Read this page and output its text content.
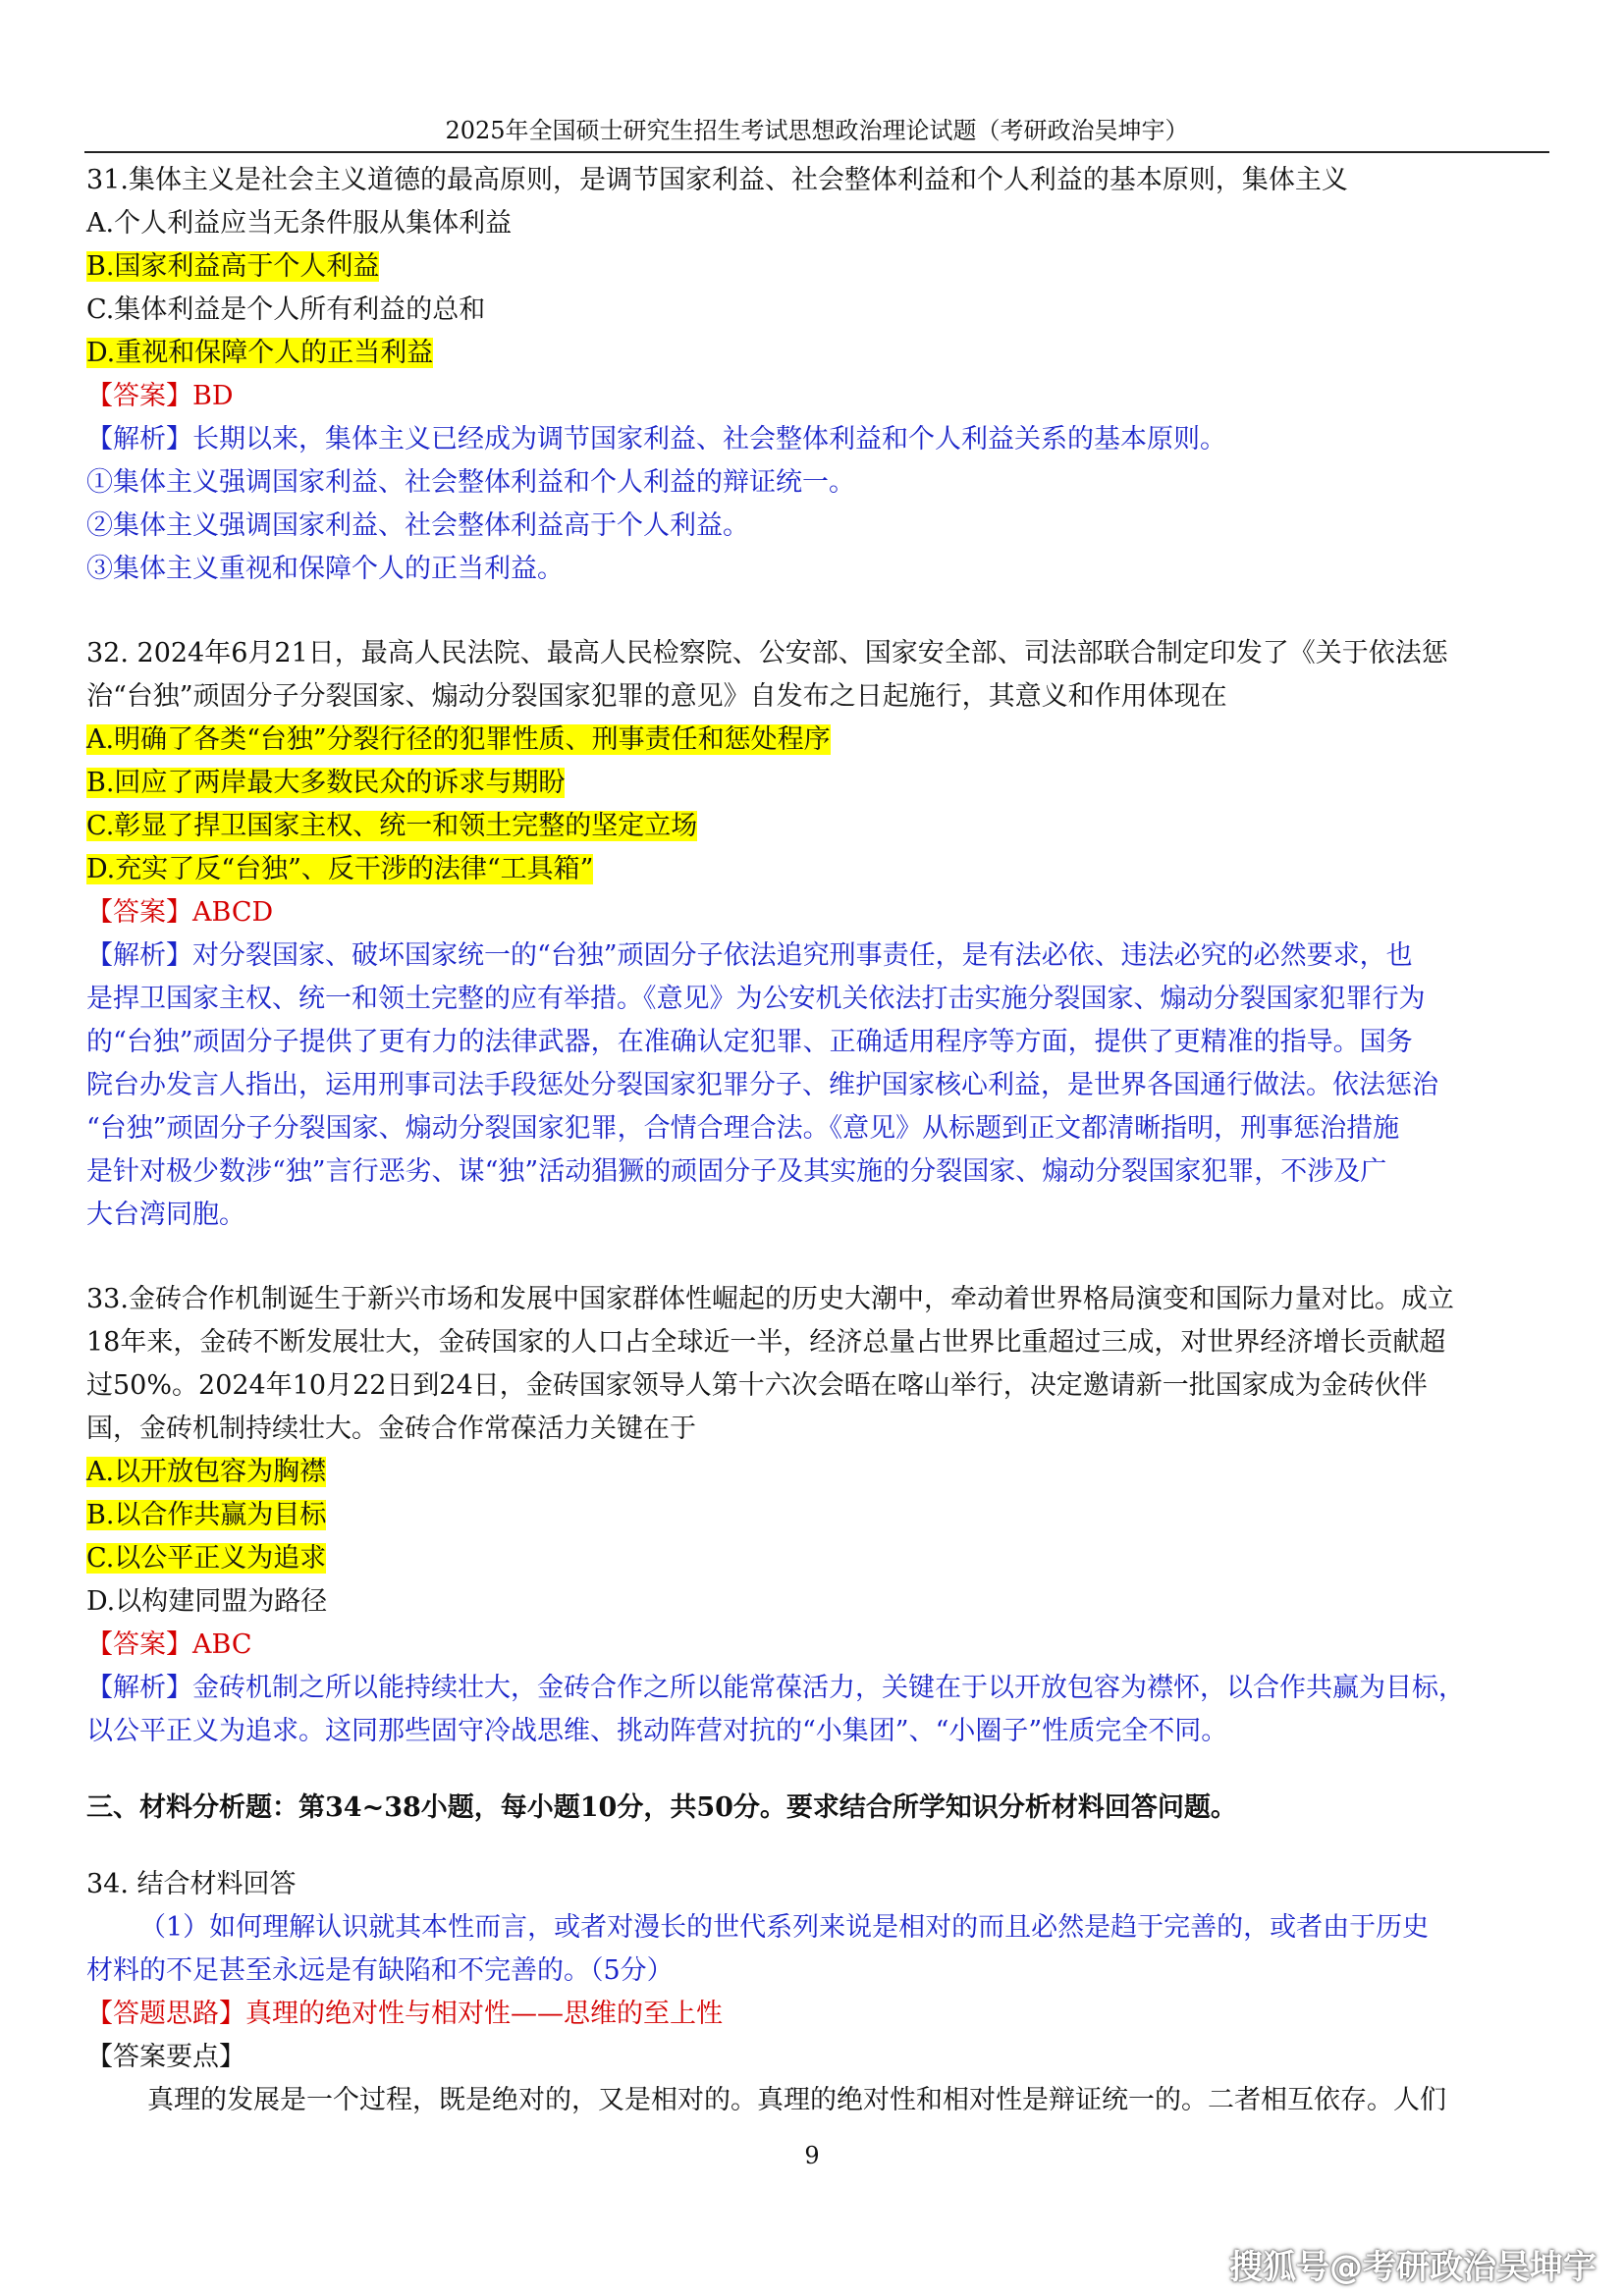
2025年全国硕士研究生招生考试思想政治理论试题（考研政治吴坤宇）
31.集体主义是社会主义道德的最高原则，是调节国家利益、社会整体利益和个人利益的基本原则，集体主义
A.个人利益应当无条件服从集体利益
B.国家利益高于个人利益
C.集体利益是个人所有利益的总和
D.重视和保障个人的正当利益
【答案】BD
【解析】长期以来，集体主义已经成为调节国家利益、社会整体利益和个人利益关系的基本原则。
①集体主义强调国家利益、社会整体利益和个人利益的辩证统一。
②集体主义强调国家利益、社会整体利益高于个人利益。
③集体主义重视和保障个人的正当利益。
32. 2024年6月21日，最高人民法院、最高人民检察院、公安部、国家安全部、司法部联合制定印发了《关于依法惩
治“台独”顽固分子分裂国家、煽动分裂国家犯罪的意见》自发布之日起施行，其意义和作用体现在
A.明确了各类“台独”分裂行径的犯罪性质、刑事责任和惩处程序
B.回应了两岸最大多数民众的诉求与期盼
C.彰显了捍卫国家主权、统一和领土完整的坚定立场
D.充实了反“台独”、反干涉的法律“工具箱”
【答案】ABCD
【解析】对分裂国家、破坏国家统一的“台独”顽固分子依法追究刑事责任，是有法必依、违法必究的必然要求，也
是捍卫国家主权、统一和领土完整的应有举措。《意见》为公安机关依法打击实施分裂国家、煽动分裂国家犯罪行为
的“台独”顽固分子提供了更有力的法律武器，在准确认定犯罪、正确适用程序等方面，提供了更精准的指导。国务
院台办发言人指出，运用刑事司法手段惩处分裂国家犯罪分子、维护国家核心利益，是世界各国通行做法。依法惩治
“台独”顽固分子分裂国家、煽动分裂国家犯罪，合情合理合法。《意见》从标题到正文都清晰指明，刑事惩治措施
是针对极少数涉“独”言行恶劣、谋“独”活动猖獗的顽固分子及其实施的分裂国家、煽动分裂国家犯罪，不涉及广
大台湾同胞。
33.金砖合作机制诞生于新兴市场和发展中国家群体性崛起的历史大潮中，牵动着世界格局演变和国际力量对比。成立
18年来，金砖不断发展壮大，金砖国家的人口占全球近一半，经济总量占世界比重超过三成，对世界经济增长贡献超
过50%。2024年10月22日到24日，金砖国家领导人第十六次会晤在喀山举行，决定邀请新一批国家成为金砖伙伴
国，金砖机制持续壮大。金砖合作常葆活力关键在于
A.以开放包容为胸襟
B.以合作共赢为目标
C.以公平正义为追求
D.以构建同盟为路径
【答案】ABC
【解析】金砖机制之所以能持续壮大，金砖合作之所以能常葆活力，关键在于以开放包容为襟怀，以合作共赢为目标，
以公平正义为追求。这同那些固守冷战思维、挑动阵营对抗的“小集团”、“小圈子”性质完全不同。
三、材料分析题：第34~38小题，每小题10分，共50分。要求结合所学知识分析材料回答问题。
34. 结合材料回答
（1）如何理解认识就其本性而言，或者对漫长的世代系列来说是相对的而且必然是趋于完善的，或者由于历史
材料的不足甚至永远是有缺陷和不完善的。（5分）
【答题思路】真理的绝对性与相对性——思维的至上性
【答案要点】
真理的发展是一个过程，既是绝对的，又是相对的。真理的绝对性和相对性是辩证统一的。二者相互依存。人们
9
搜狐号@考研政治吴坤宇
